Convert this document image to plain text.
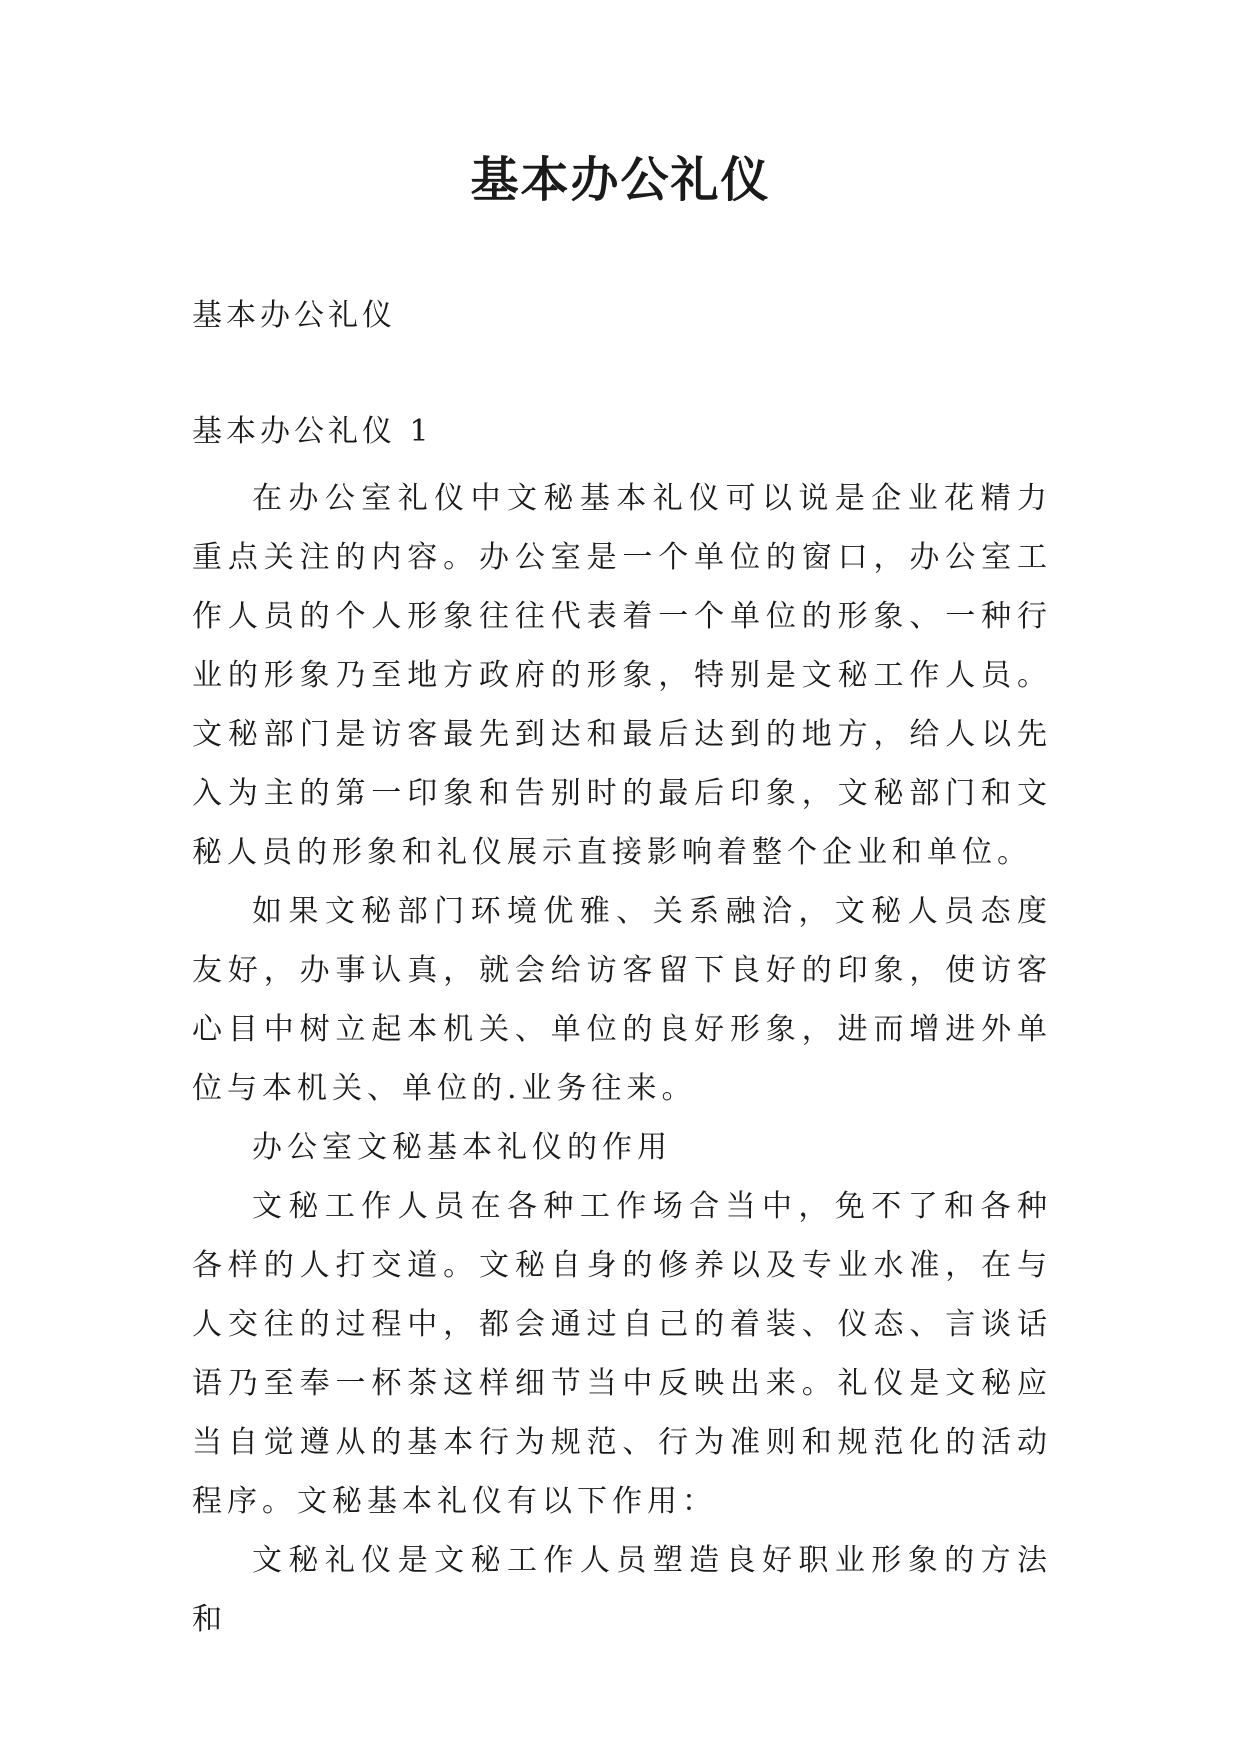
基本办公礼仪
基本办公礼仪
基本办公礼仪 1

在办公室礼仪中文秘基本礼仪可以说是企业花精力重点关注的内容。办公室是一个单位的窗口，办公室工作人员的个人形象往往代表着一个单位的形象、一种行业的形象乃至地方政府的形象，特别是文秘工作人员。文秘部门是访客最先到达和最后达到的地方，给人以先入为主的第一印象和告别时的最后印象，文秘部门和文秘人员的形象和礼仪展示直接影响着整个企业和单位。

如果文秘部门环境优雅、关系融洽，文秘人员态度友好，办事认真，就会给访客留下良好的印象，使访客心目中树立起本机关、单位的良好形象，进而增进外单位与本机关、单位的.业务往来。

办公室文秘基本礼仪的作用

文秘工作人员在各种工作场合当中，免不了和各种各样的人打交道。文秘自身的修养以及专业水准，在与人交往的过程中，都会通过自己的着装、仪态、言谈话语乃至奉一杯茶这样细节当中反映出来。礼仪是文秘应当自觉遵从的基本行为规范、行为准则和规范化的活动程序。文秘基本礼仪有以下作用：

文秘礼仪是文秘工作人员塑造良好职业形象的方法和
